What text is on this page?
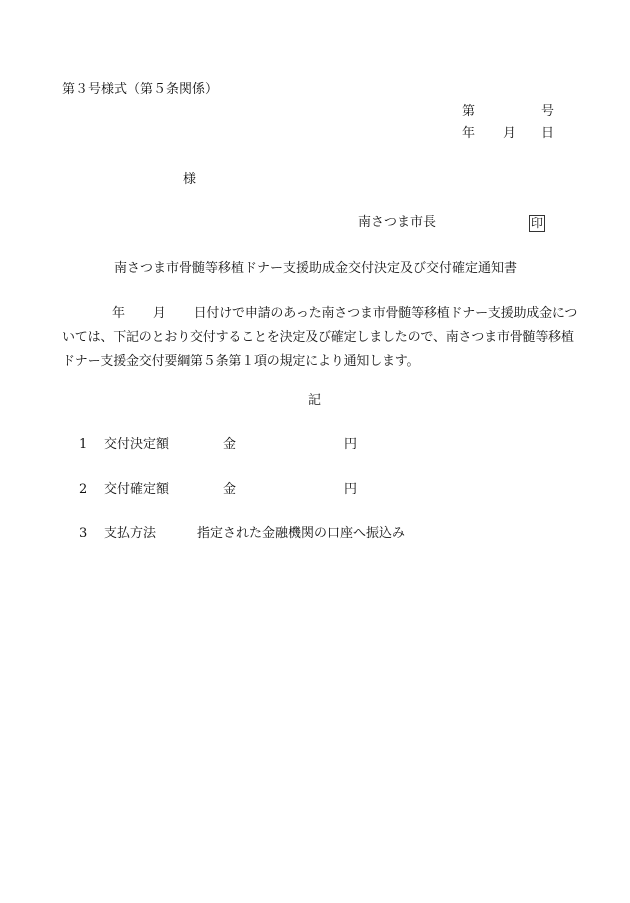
第３号様式（第５条関係）
第	号
年 月 日
様
南さつま市長	印
南さつま市骨髄等移植ドナー支援助成金交付決定及び交付確定通知書
年 月 日付けで申請のあった南さつま市骨髄等移植ドナー支援助成金については、下記のとおり交付することを決定及び確定しましたので、南さつま市骨髄等移植ドナー支援金交付要綱第５条第１項の規定により通知します。
記
1 交付決定額	金	円
2 交付確定額	金	円
3 支払方法	指定された金融機関の口座へ振込み
